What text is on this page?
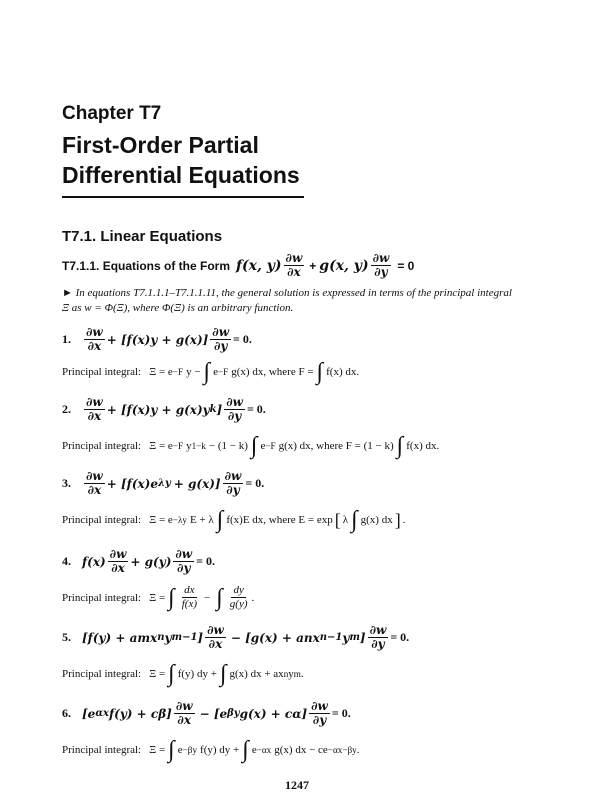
Chapter T7
First-Order Partial
Differential Equations
T7.1. Linear Equations
T7.1.1. Equations of the Form f(x, $y) \frac{\partial w}{\partial x} + g(x$, $y) \frac{\partial w}{\partial y} = 0$
► In equations T7.1.1.1–T7.1.1.11, the general solution is expressed in terms of the principal integral Ξ as w = Φ(Ξ), where Φ(Ξ) is an arbitrary function.
1.	$\frac{\partial w}{\partial x} + [f(x)y + g(x)] \frac{\partial w}{\partial y} = 0$.
Principal integral: Ξ = e −F y − ∫ e −F g(x) dx, where F = ∫ f(x) dx.
2.	$\frac{\partial w}{\partial x} + [f(x)y + g(x)y$ k ] $\frac{\partial w}{\partial y} = 0$.
Principal integral: Ξ = e −F y 1−k − (1 − k) ∫ e −F g(x) dx, where F = (1 − k) ∫ f(x) dx.
3.	$\frac{\partial w}{\partial x} + [f(x)e$ $\lambda y + g(x)] \frac{\partial w}{\partial y} = 0$.
Principal integral: Ξ = e −λy E + λ ∫ f(x)E dx, where E = exp [ λ ∫ g(x) dx ] .
4. $f(x) \frac{\partial w}{\partial x} + g(y) \frac{\partial w}{\partial y} = 0$.
Principal integral: Ξ = ∫ $\frac{dx}{f(x)}$ − ∫ $\frac{dy}{g(y)}$ .
5. [f(y) + amx n y m−1 ] $\frac{\partial w}{\partial x} - [g(x)$ + anx n−1 y m ] $\frac{\partial w}{\partial y} = 0$.
Principal integral: Ξ = ∫ f(y) dy + ∫ g(x) dx + ax n y m .
6. [e αx $f(y) + c\beta] \frac{\partial w}{\partial x} - [e$ βy $g(x) + c\alpha] \frac{\partial w}{\partial y} = 0$.
Principal integral: Ξ = ∫ e −βy f(y) dy + ∫ e −αx g(x) dx − ce −αx−βy .
1247
